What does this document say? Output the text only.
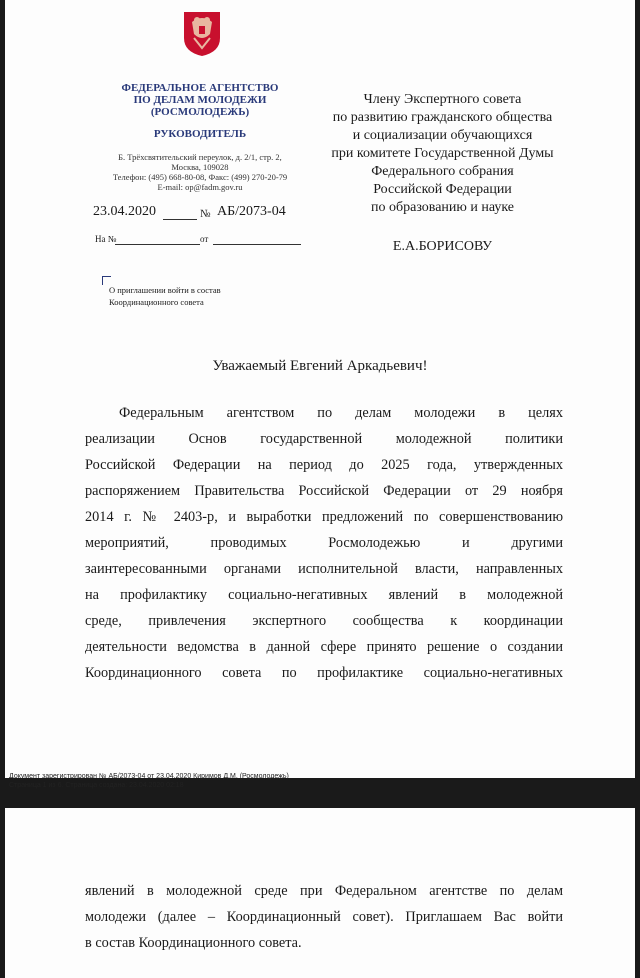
ФЕДЕРАЛЬНОЕ АГЕНТСТВО
ПО ДЕЛАМ МОЛОДЕЖИ
(РОСМОЛОДЕЖЬ)
РУКОВОДИТЕЛЬ
Б. Трёхсвятительский переулок, д. 2/1, стр. 2,
Москва, 109028
Телефон: (495) 668-80-08, Факс: (499) 270-20-79
E-mail: op@fadm.gov.ru
23.04.2020	№ АБ/2073-04
На №	от
О приглашении войти в состав
Координационного совета
Члену Экспертного совета
по развитию гражданского общества
и социализации обучающихся
при комитете Государственной Думы
Федерального собрания
Российской Федерации
по образованию и науке
Е.А.БОРИСОВУ
Уважаемый Евгений Аркадьевич!
Федеральным агентством по делам молодежи в целях
реализации Основ государственной молодежной политики
Российской Федерации на период до 2025 года, утвержденных
распоряжением Правительства Российской Федерации от 29 ноября
2014 г. № 2403-р, и выработки предложений по совершенствованию
мероприятий, проводимых Росмолодежью и другими
заинтересованными органами исполнительной власти, направленных
на профилактику социально-негативных явлений в молодежной
среде, привлечения экспертного сообщества к координации
деятельности ведомства в данной сфере принято решение о создании
Координационного совета по профилактике социально-негативных
Документ зарегистрирован № АБ/2073-04 от 23.04.2020 Киримов Д.М. (Росмолодежь)
Страница 1 из 6. Страница создана: 23.04.2020 02:18
явлений в молодежной среде при Федеральном агентстве по делам
молодежи (далее – Координационный совет). Приглашаем Вас войти
в состав Координационного совета.
